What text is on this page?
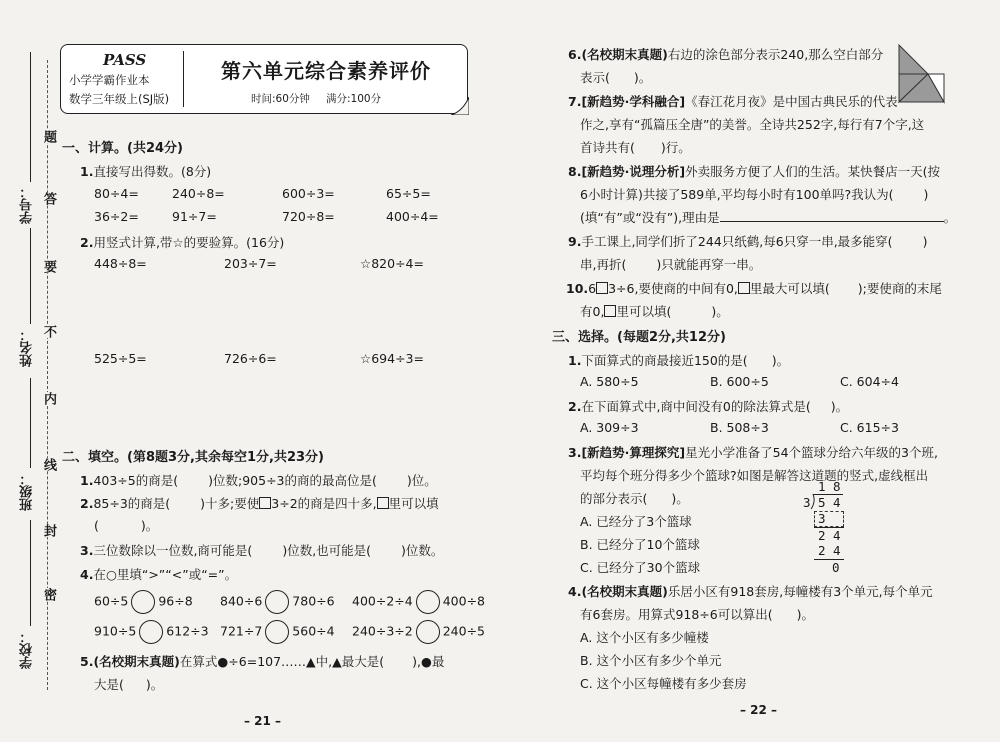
学号：
姓名：
班级：
学校：
题
答
要
不
内
线
封
密
PASS
小学学霸作业本
数学三年级上(SJ版)
第六单元综合素养评价
时间:60分钟 满分:100分
一、计算。(共24分)
1.直接写出得数。(8分)
80÷4=	240÷8=	600÷3=	65÷5=
36÷2=	91÷7=	720÷8=	400÷4=
2.用竖式计算,带☆的要验算。(16分)
448÷8=	203÷7=	☆820÷4=
525÷5=	726÷6=	☆694÷3=
二、填空。(第8题3分,其余每空1分,共23分)
1.403÷5的商是( )位数;905÷3的商的最高位是( )位。
2.85÷3的商是( )十多;要使 3÷2的商是四十多, 里可以填
(	)。
3.三位数除以一位数,商可能是( )位数,也可能是( )位数。
4.在○里填“>”“<”或“=”。
60÷5 96÷8 840÷6 780÷6 400÷2÷4 400÷8
910÷5 612÷3 721÷7 560÷4 240÷3÷2 240÷5
5.(名校期末真题)在算式●÷6=107……▲中,▲最大是( ),●最
大是( )。
– 21 –
6.(名校期末真题)右边的涂色部分表示240,那么空白部分
表示( )。
7.[新趋势·学科融合]《春江花月夜》是中国古典民乐的代表
作之,享有“孤篇压全唐”的美誉。全诗共252字,每行有7个字,这
首诗共有( )行。
8.[新趋势·说理分析]外卖服务方便了人们的生活。某快餐店一天(按
6小时计算)共接了589单,平均每小时有100单吗?我认为( )
(填“有”或“没有”),理由是	。
9.手工课上,同学们折了244只纸鹤,每6只穿一串,最多能穿( )
串,再折( )只就能再穿一串。
10.6 3÷6,要使商的中间有0, 里最大可以填( );要使商的末尾
有0, 里可以填(	)。
三、选择。(每题2分,共12分)
1.下面算式的商最接近150的是( )。
A. 580÷5	B. 600÷5	C. 604÷4
2.在下面算式中,商中间没有0的除法算式是( )。
A. 309÷3	B. 508÷3	C. 615÷3
3.[新趋势·算理探究]星光小学准备了54个篮球分给六年级的3个班,
平均每个班分得多少个篮球?如图是解答这道题的竖式,虚线框出
的部分表示( )。
A. 已经分了3个篮球
B. 已经分了10个篮球
C. 已经分了30个篮球
1 8
3 5 4
3
2 4
2 4
0
4.(名校期末真题)乐居小区有918套房,每幢楼有3个单元,每个单元
有6套房。用算式918÷6可以算出( )。
A. 这个小区有多少幢楼
B. 这个小区有多少个单元
C. 这个小区每幢楼有多少套房
– 22 –
